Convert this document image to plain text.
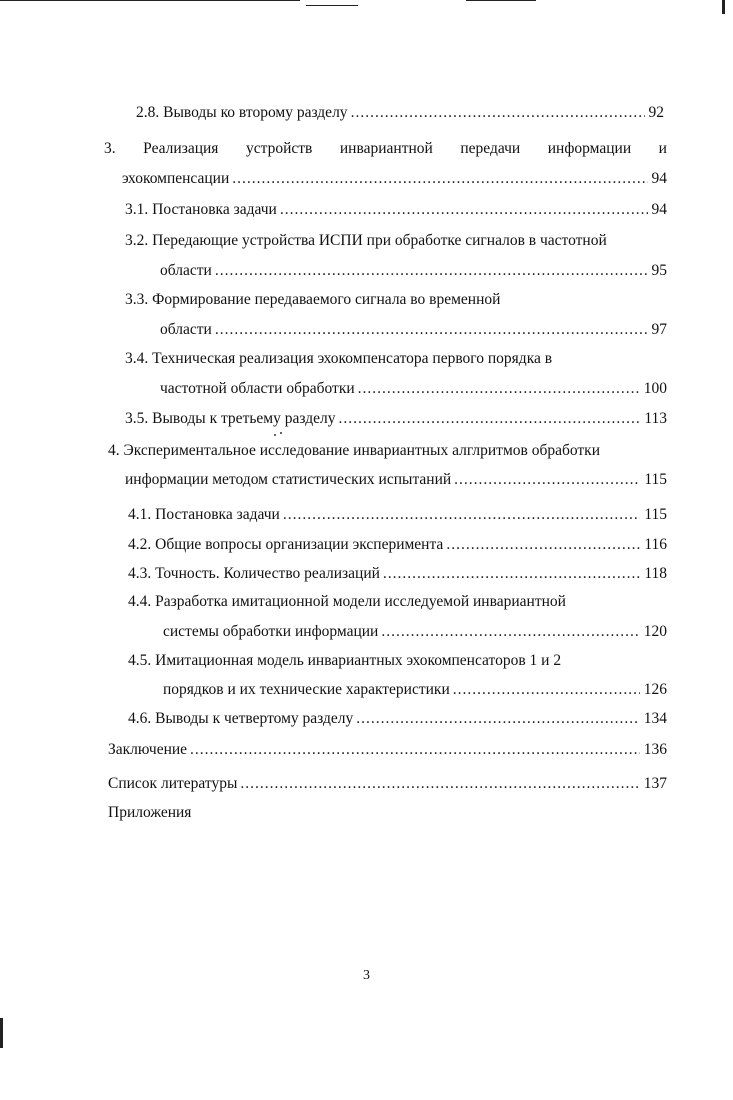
2.8. Выводы ко второму разделу .....	92
3. Реализация устройств инвариантной передачи информации и
эхокомпенсации .....	94
3.1. Постановка задачи .....	94
3.2. Передающие устройства ИСПИ при обработке сигналов в частотной
области .....	95
3.3. Формирование передаваемого сигнала во временной
области .....	97
3.4. Техническая реализация эхокомпенсатора первого порядка в
частотной области обработки .....	100
3.5. Выводы к третьему разделу .....	113
4. Экспериментальное исследование инвариантных алглритмов обработки
информации методом статистических испытаний .....	115
4.1. Постановка задачи .....	115
4.2. Общие вопросы организации эксперимента .....	116
4.3. Точность. Количество реализаций .....	118
4.4. Разработка имитационной модели исследуемой инвариантной
системы обработки информации .....	120
4.5. Имитационная модель инвариантных эхокомпенсаторов 1 и 2
порядков и их технические характеристики .....	126
4.6. Выводы к четвертому разделу .....	134
Заключение .....	136
Список литературы .....	137
Приложения
3
